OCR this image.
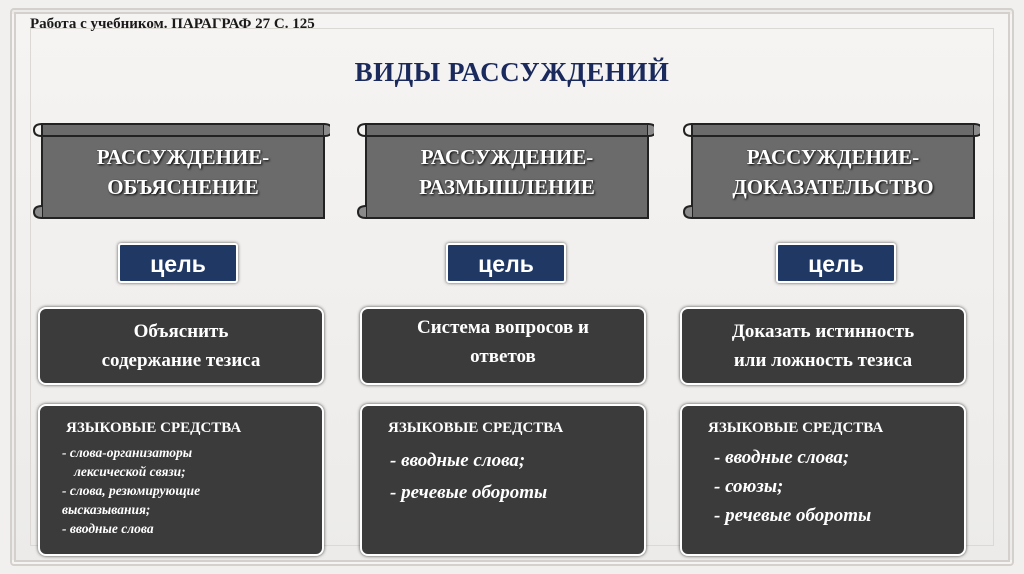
Работа с учебником. ПАРАГРАФ 27 С. 125
ВИДЫ РАССУЖДЕНИЙ
РАССУЖДЕНИЕ-
ОБЪЯСНЕНИЕ
цель
Объяснить
содержание тезиса
ЯЗЫКОВЫЕ СРЕДСТВА
- слова-организаторы
лексической связи;
- слова, резюмирующие
высказывания;
- вводные слова
РАССУЖДЕНИЕ-
РАЗМЫШЛЕНИЕ
цель
Система вопросов и
ответов
ЯЗЫКОВЫЕ СРЕДСТВА
- вводные слова;
- речевые обороты
РАССУЖДЕНИЕ-
ДОКАЗАТЕЛЬСТВО
цель
Доказать истинность
или ложность тезиса
ЯЗЫКОВЫЕ СРЕДСТВА
- вводные слова;
- союзы;
- речевые обороты
